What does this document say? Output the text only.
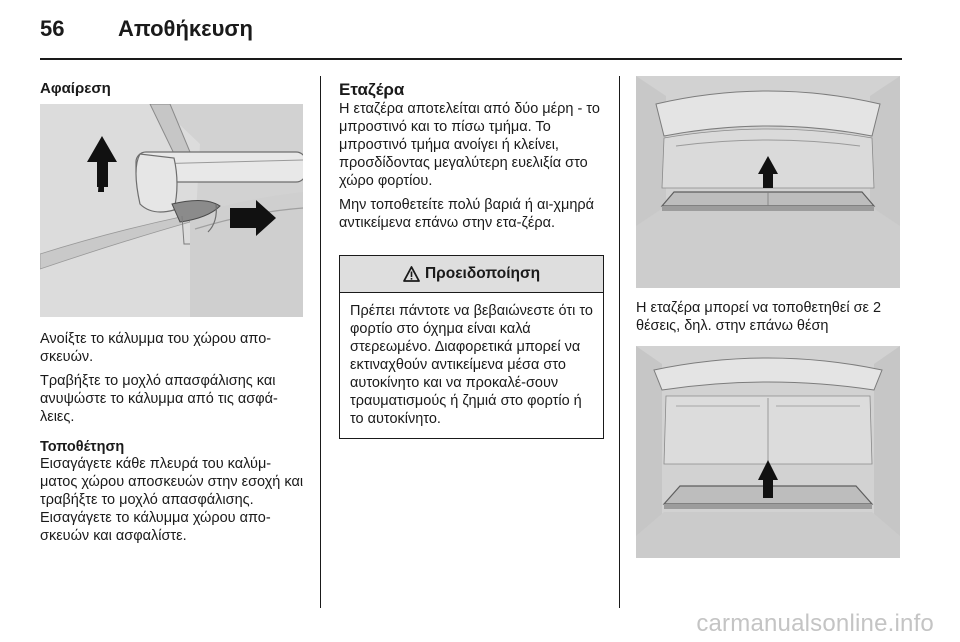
56 Αποθήκευση
Αφαίρεση

Ανοίξτε το κάλυμμα του χώρου απο-σκευών.

Τραβήξτε το μοχλό απασφάλισης και ανυψώστε το κάλυμμα από τις ασφά-λειες.

Τοποθέτηση

Εισαγάγετε κάθε πλευρά του καλύμ-ματος χώρου αποσκευών στην εσοχή και τραβήξτε το μοχλό απασφάλισης. Εισαγάγετε το κάλυμμα χώρου απο-σκευών και ασφαλίστε.

Εταζέρα

Η εταζέρα αποτελείται από δύο μέρη - το μπροστινό και το πίσω τμήμα. Το μπροστινό τμήμα ανοίγει ή κλείνει, προσδίδοντας μεγαλύτερη ευελιξία στο χώρο φορτίου.

Μην τοποθετείτε πολύ βαριά ή αι-χμηρά αντικείμενα επάνω στην ετα-ζέρα.

Προειδοποίηση
Πρέπει πάντοτε να βεβαιώνεστε ότι το φορτίο στο όχημα είναι καλά στερεωμένο. Διαφορετικά μπορεί να εκτιναχθούν αντικείμενα μέσα στο αυτοκίνητο και να προκαλέ-σουν τραυματισμούς ή ζημιά στο φορτίο ή το αυτοκίνητο.

Η εταζέρα μπορεί να τοποθετηθεί σε 2 θέσεις, δηλ. στην επάνω θέση

carmanualsonline.info
